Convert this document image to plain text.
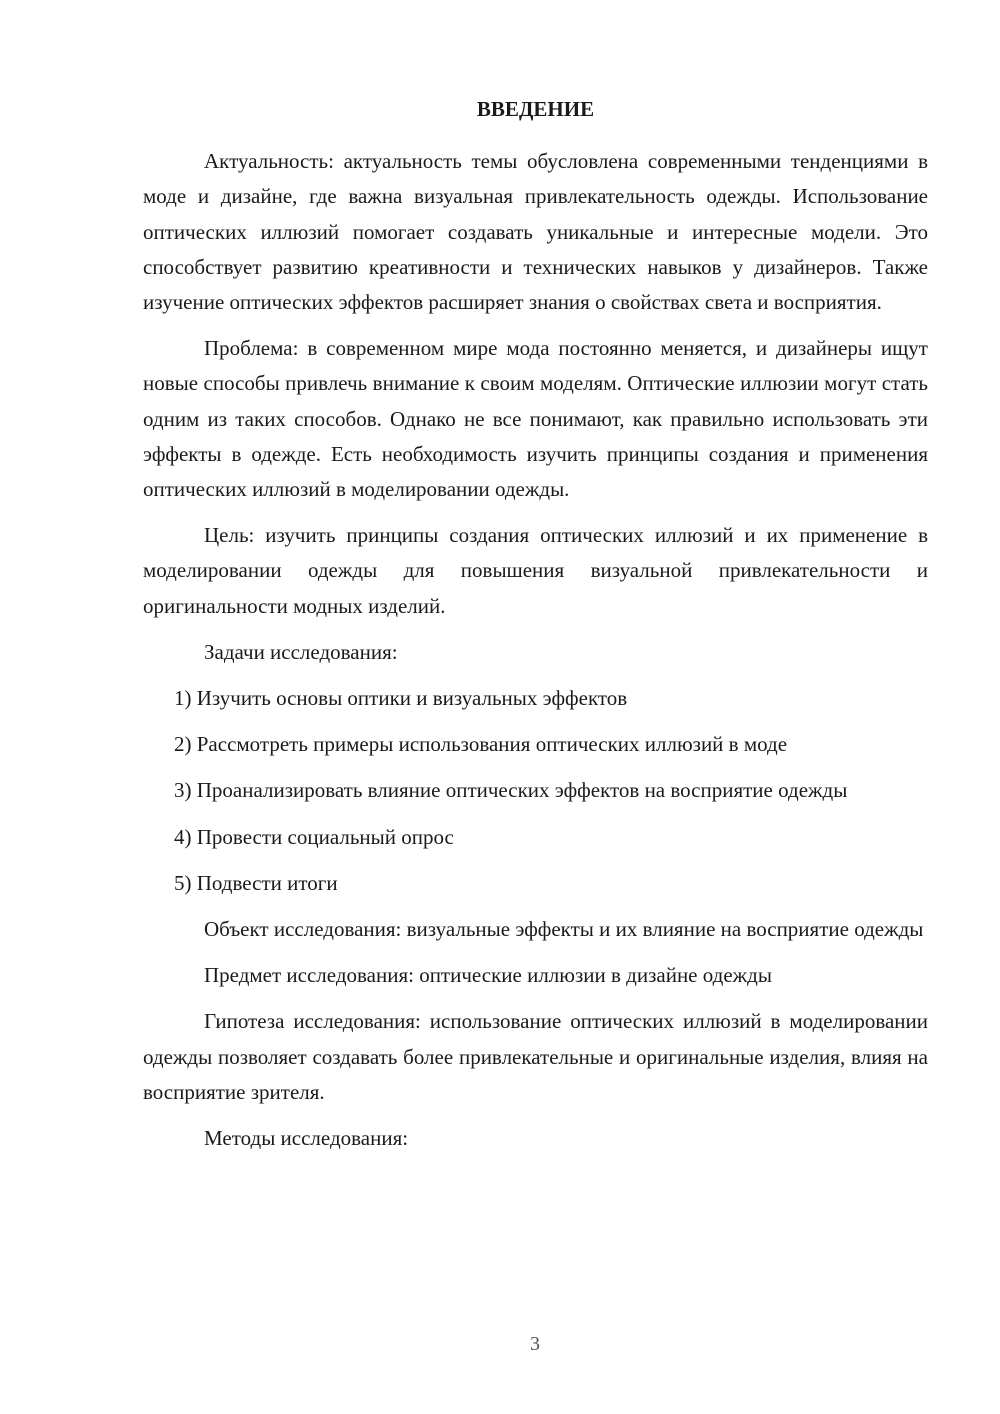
ВВЕДЕНИЕ

Актуальность: актуальность темы обусловлена современными тенденциями в моде и дизайне, где важна визуальная привлекательность одежды. Использование оптических иллюзий помогает создавать уникальные и интересные модели. Это способствует развитию креативности и технических навыков у дизайнеров. Также изучение оптических эффектов расширяет знания о свойствах света и восприятия.

Проблема: в современном мире мода постоянно меняется, и дизайнеры ищут новые способы привлечь внимание к своим моделям. Оптические иллюзии могут стать одним из таких способов. Однако не все понимают, как правильно использовать эти эффекты в одежде. Есть необходимость изучить принципы создания и применения оптических иллюзий в моделировании одежды.

Цель: изучить принципы создания оптических иллюзий и их применение в моделировании одежды для повышения визуальной привлекательности и оригинальности модных изделий.

Задачи исследования:

1) Изучить основы оптики и визуальных эффектов

2) Рассмотреть примеры использования оптических иллюзий в моде

3) Проанализировать влияние оптических эффектов на восприятие одежды

4) Провести социальный опрос

5) Подвести итоги

Объект исследования: визуальные эффекты и их влияние на восприятие одежды

Предмет исследования: оптические иллюзии в дизайне одежды

Гипотеза исследования: использование оптических иллюзий в моделировании одежды позволяет создавать более привлекательные и оригинальные изделия, влияя на восприятие зрителя.

Методы исследования:

3
